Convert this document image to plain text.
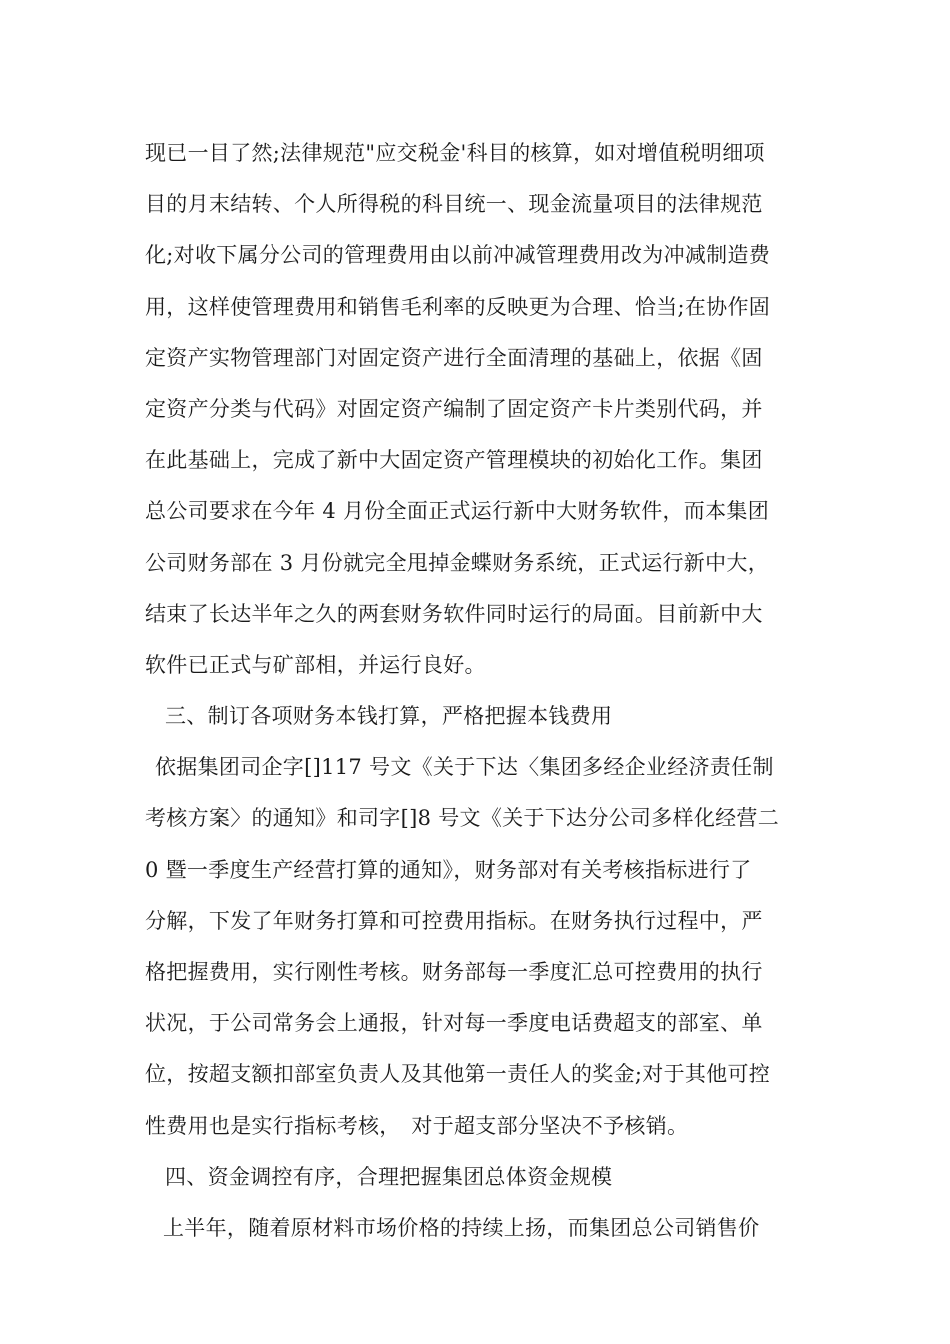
现已一目了然;法律规范"应交税金'科目的核算，如对增值税明细项
目的月末结转、个人所得税的科目统一、现金流量项目的法律规范
化;对收下属分公司的管理费用由以前冲减管理费用改为冲减制造费
用，这样使管理费用和销售毛利率的反映更为合理、恰当;在协作固
定资产实物管理部门对固定资产进行全面清理的基础上，依据《固
定资产分类与代码》对固定资产编制了固定资产卡片类别代码，并
在此基础上，完成了新中大固定资产管理模块的初始化工作。集团
总公司要求在今年 4 月份全面正式运行新中大财务软件，而本集团
公司财务部在 3 月份就完全甩掉金蝶财务系统，正式运行新中大，
结束了长达半年之久的两套财务软件同时运行的局面。目前新中大
软件已正式与矿部相，并运行良好。
三、制订各项财务本钱打算，严格把握本钱费用
依据集团司企字[]117 号文《关于下达〈集团多经企业经济责任制
考核方案〉的通知》和司字[]8 号文《关于下达分公司多样化经营二
0 暨一季度生产经营打算的通知》，财务部对有关考核指标进行了
分解，下发了年财务打算和可控费用指标。在财务执行过程中，严
格把握费用，实行刚性考核。财务部每一季度汇总可控费用的执行
状况，于公司常务会上通报，针对每一季度电话费超支的部室、单
位，按超支额扣部室负责人及其他第一责任人的奖金;对于其他可控
性费用也是实行指标考核，　对于超支部分坚决不予核销。
四、资金调控有序，合理把握集团总体资金规模
上半年，随着原材料市场价格的持续上扬，而集团总公司销售价
